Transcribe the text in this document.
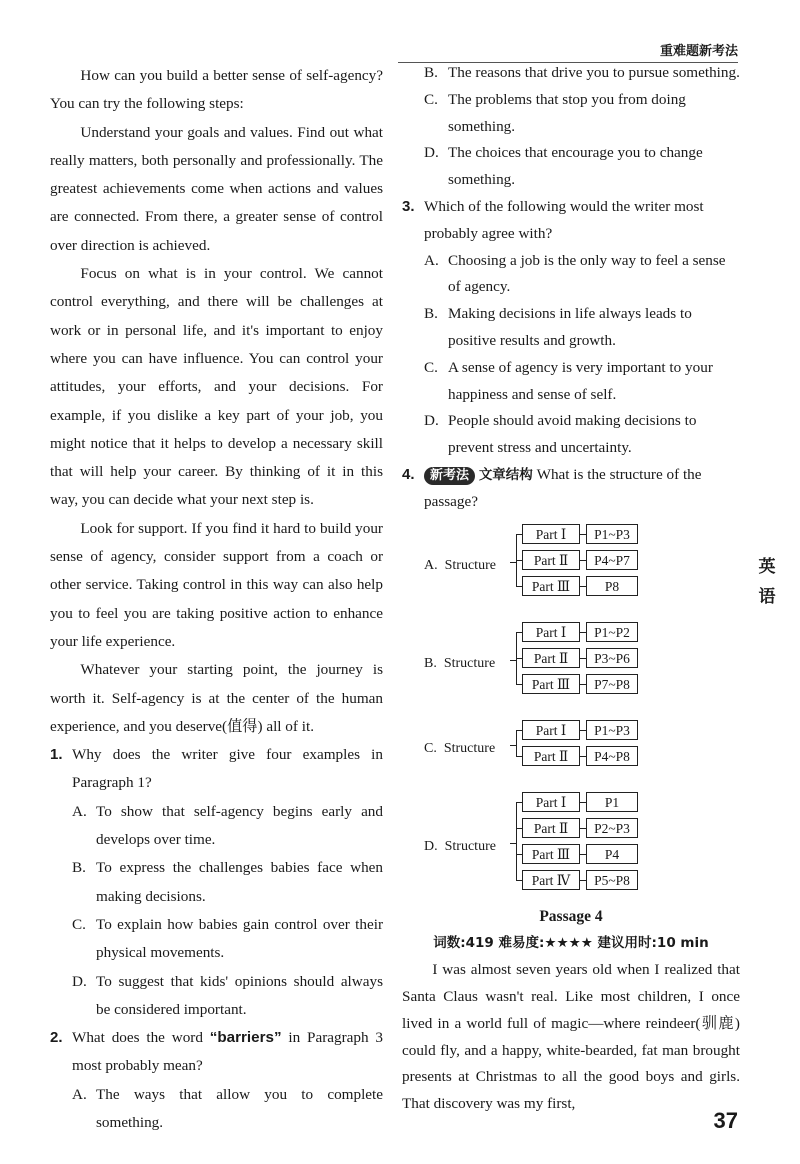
重难题新考法

How can you build a better sense of self-agency? You can try the following steps:

Understand your goals and values. Find out what really matters, both personally and professionally. The greatest achievements come when actions and values are connected. From there, a greater sense of control over direction is achieved.

Focus on what is in your control. We cannot control everything, and there will be challenges at work or in personal life, and it's important to enjoy where you can have influence. You can control your attitudes, your efforts, and your decisions. For example, if you dislike a key part of your job, you might notice that it helps to develop a necessary skill that will help your career. By thinking of it in this way, you can decide what your next step is.

Look for support. If you find it hard to build your sense of agency, consider support from a coach or other service. Taking control in this way can also help you to feel you are taking positive action to enhance your life experience.

Whatever your starting point, the journey is worth it. Self-agency is at the center of the human experience, and you deserve(值得) all of it.

1. Why does the writer give four examples in Paragraph 1?
A. To show that self-agency begins early and develops over time.
B. To express the challenges babies face when making decisions.
C. To explain how babies gain control over their physical movements.
D. To suggest that kids' opinions should always be considered important.
2. What does the word “barriers” in Paragraph 3 most probably mean?
A. The ways that allow you to complete something.
B. The reasons that drive you to pursue something.
C. The problems that stop you from doing something.
D. The choices that encourage you to change something.
3. Which of the following would the writer most probably agree with?
A. Choosing a job is the only way to feel a sense of agency.
B. Making decisions in life always leads to positive results and growth.
C. A sense of agency is very important to your happiness and sense of self.
D. People should avoid making decisions to prevent stress and uncertainty.
4. 新考法 文章结构 What is the structure of the passage?
A. Structure
Part Ⅰ	P1~P3
Part Ⅱ	P4~P7
Part Ⅲ	P8
B. Structure
Part Ⅰ	P1~P2
Part Ⅱ	P3~P6
Part Ⅲ	P7~P8
C. Structure
Part Ⅰ	P1~P3
Part Ⅱ	P4~P8
D. Structure
Part Ⅰ	P1
Part Ⅱ	P2~P3
Part Ⅲ	P4
Part Ⅳ	P5~P8
Passage 4
词数:419 难易度:★★★★ 建议用时:10 min

I was almost seven years old when I realized that Santa Claus wasn't real. Like most children, I once lived in a world full of magic—where reindeer(驯鹿) could fly, and a happy, white-bearded, fat man brought presents at Christmas to all the good boys and girls. That discovery was my first,

英
语
37
